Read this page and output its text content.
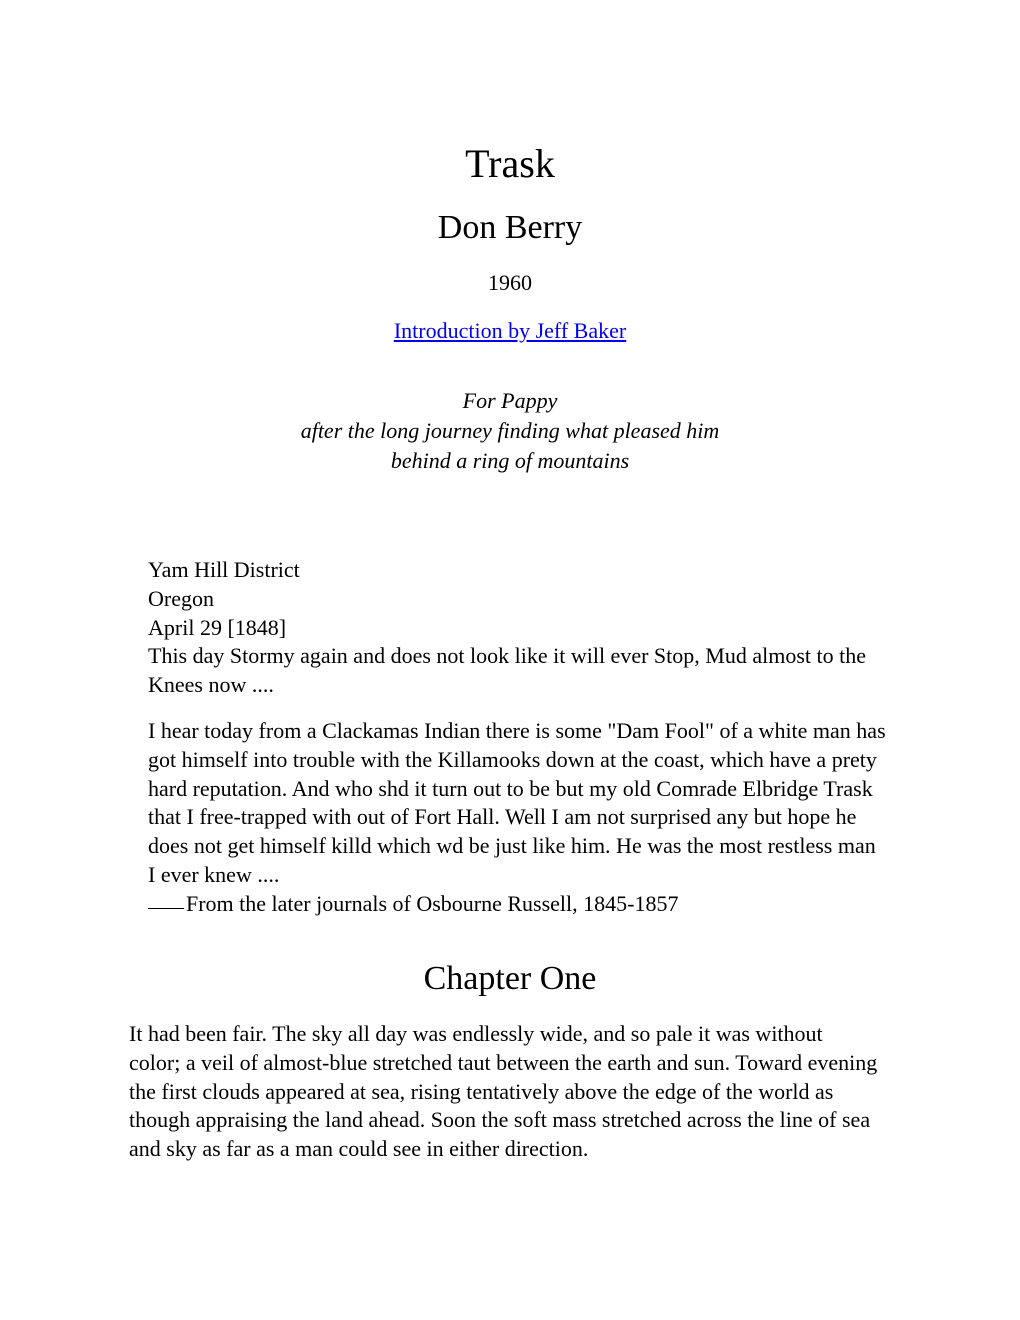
Trask
Don Berry
1960
Introduction by Jeff Baker
For Pappy
after the long journey finding what pleased him
behind a ring of mountains
Yam Hill District
Oregon
April 29 [1848]

This day Stormy again and does not look like it will ever Stop, Mud almost to the Knees now ....

I hear today from a Clackamas Indian there is some "Dam Fool" of a white man has got himself into trouble with the Killamooks down at the coast, which have a prety hard reputation. And who shd it turn out to be but my old Comrade Elbridge Trask that I free-trapped with out of Fort Hall. Well I am not surprised any but hope he does not get himself killd which wd be just like him. He was the most restless man I ever knew ....

From the later journals of Osbourne Russell, 1845-1857
Chapter One

It had been fair. The sky all day was endlessly wide, and so pale it was without color; a veil of almost-blue stretched taut between the earth and sun. Toward evening the first clouds appeared at sea, rising tentatively above the edge of the world as though appraising the land ahead. Soon the soft mass stretched across the line of sea and sky as far as a man could see in either direction.
